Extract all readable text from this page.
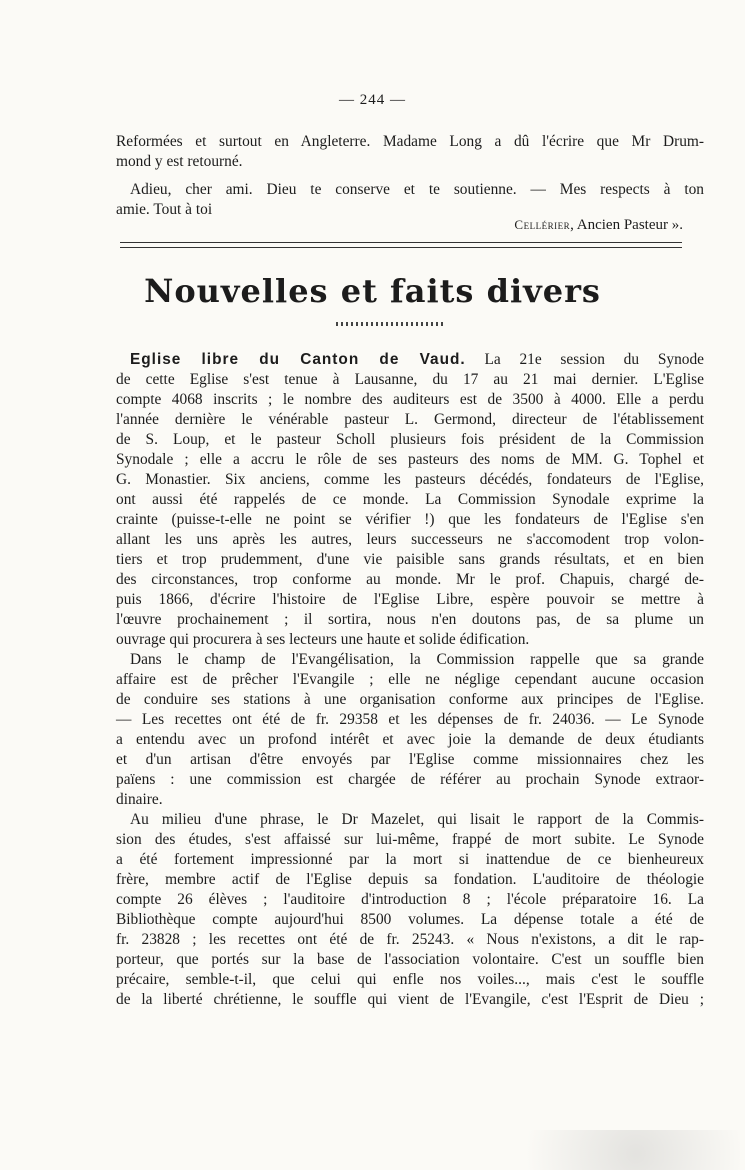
— 244 —
Reformées et surtout en Angleterre. Madame Long a dû l'écrire que Mr Drum-
mond y est retourné.
Adieu, cher ami. Dieu te conserve et te soutienne. — Mes respects à ton
amie. Tout à toi
Cellérier, Ancien Pasteur ».
Nouvelles et faits divers
Eglise libre du Canton de Vaud. La 21e session du Synode
de cette Eglise s'est tenue à Lausanne, du 17 au 21 mai dernier. L'Eglise
compte 4068 inscrits ; le nombre des auditeurs est de 3500 à 4000. Elle a perdu
l'année dernière le vénérable pasteur L. Germond, directeur de l'établissement
de S. Loup, et le pasteur Scholl plusieurs fois président de la Commission
Synodale ; elle a accru le rôle de ses pasteurs des noms de MM. G. Tophel et
G. Monastier. Six anciens, comme les pasteurs décédés, fondateurs de l'Eglise,
ont aussi été rappelés de ce monde. La Commission Synodale exprime la
crainte (puisse-t-elle ne point se vérifier !) que les fondateurs de l'Eglise s'en
allant les uns après les autres, leurs successeurs ne s'accomodent trop volon-
tiers et trop prudemment, d'une vie paisible sans grands résultats, et en bien
des circonstances, trop conforme au monde. Mr le prof. Chapuis, chargé de-
puis 1866, d'écrire l'histoire de l'Eglise Libre, espère pouvoir se mettre à
l'œuvre prochainement ; il sortira, nous n'en doutons pas, de sa plume un
ouvrage qui procurera à ses lecteurs une haute et solide édification.
Dans le champ de l'Evangélisation, la Commission rappelle que sa grande
affaire est de prêcher l'Evangile ; elle ne néglige cependant aucune occasion
de conduire ses stations à une organisation conforme aux principes de l'Eglise.
— Les recettes ont été de fr. 29358 et les dépenses de fr. 24036. — Le Synode
a entendu avec un profond intérêt et avec joie la demande de deux étudiants
et d'un artisan d'être envoyés par l'Eglise comme missionnaires chez les
païens : une commission est chargée de référer au prochain Synode extraor-
dinaire.
Au milieu d'une phrase, le Dr Mazelet, qui lisait le rapport de la Commis-
sion des études, s'est affaissé sur lui-même, frappé de mort subite. Le Synode
a été fortement impressionné par la mort si inattendue de ce bienheureux
frère, membre actif de l'Eglise depuis sa fondation. L'auditoire de théologie
compte 26 élèves ; l'auditoire d'introduction 8 ; l'école préparatoire 16. La
Bibliothèque compte aujourd'hui 8500 volumes. La dépense totale a été de
fr. 23828 ; les recettes ont été de fr. 25243. « Nous n'existons, a dit le rap-
porteur, que portés sur la base de l'association volontaire. C'est un souffle bien
précaire, semble-t-il, que celui qui enfle nos voiles..., mais c'est le souffle
de la liberté chrétienne, le souffle qui vient de l'Evangile, c'est l'Esprit de Dieu ;
